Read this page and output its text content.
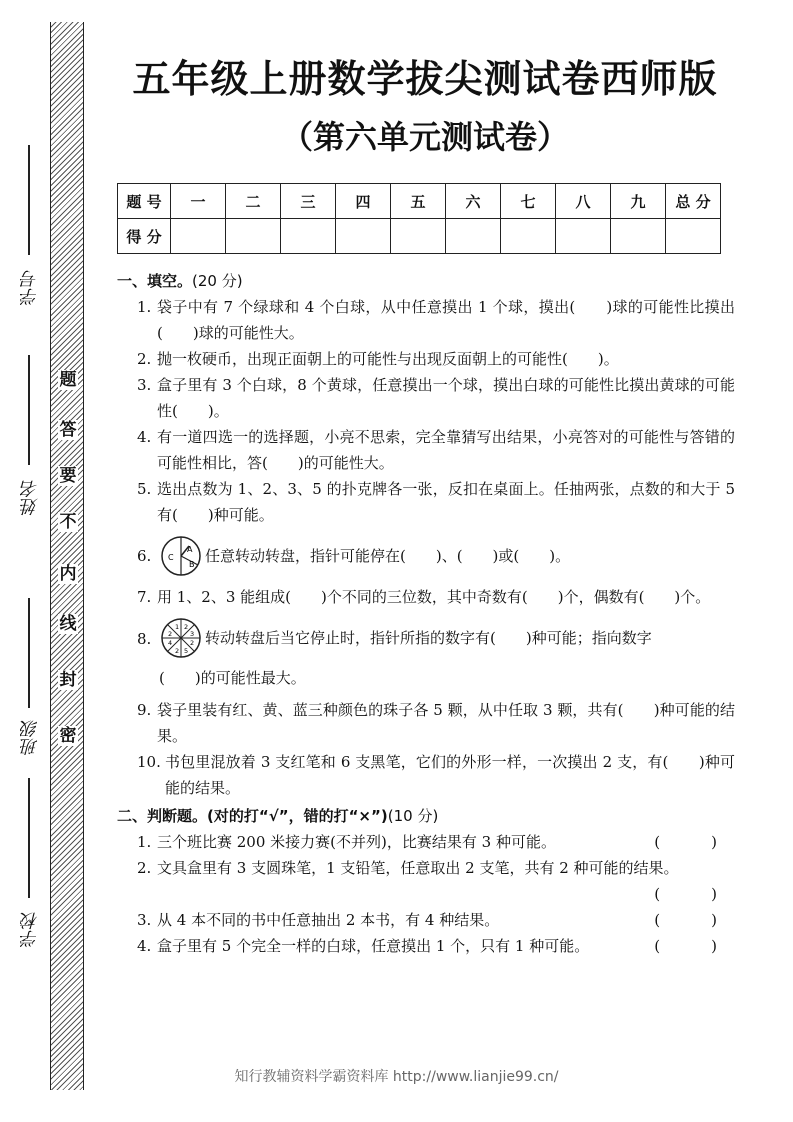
学号
姓名
班级
学校
密
封
线
内
不
要
答
题
五年级上册数学拔尖测试卷西师版
（第六单元测试卷）
题 号	一	二	三	四	五	六	七	八	九	总 分
得 分										

一、填空。(20 分)

1. 袋子中有 7 个绿球和 4 个白球，从中任意摸出 1 个球，摸出(　　)球的可能性比摸出(　　)球的可能性大。

2. 抛一枚硬币，出现正面朝上的可能性与出现反面朝上的可能性(　　)。

3. 盒子里有 3 个白球，8 个黄球，任意摸出一个球，摸出白球的可能性比摸出黄球的可能性(　　)。

4. 有一道四选一的选择题，小亮不思索，完全靠猜写出结果，小亮答对的可能性与答错的可能性相比，答(　　)的可能性大。

5. 选出点数为 1、2、3、5 的扑克牌各一张，反扣在桌面上。任抽两张，点数的和大于 5 有(　　)种可能。

6.	A
B
C 任意转动转盘，指针可能停在(　　)、(　　)或(　　)。

7. 用 1、2、3 能组成(　　)个不同的三位数，其中奇数有(　　)个，偶数有(　　)个。

8.
1 2
3
2
5
2
4
2 转动转盘后当它停止时，指针所指的数字有(　　)种可能；指向数字
(　　)的可能性最大。

9. 袋子里装有红、黄、蓝三种颜色的珠子各 5 颗，从中任取 3 颗，共有(　　)种可能的结果。

10. 书包里混放着 3 支红笔和 6 支黑笔，它们的外形一样，一次摸出 2 支，有(　　)种可能的结果。

二、判断题。(对的打“√”，错的打“×”)(10 分)

1. 三个班比赛 200 米接力赛(不并列)，比赛结果有 3 种可能。	(　)
2. 文具盒里有 3 支圆珠笔，1 支铅笔，任意取出 2 支笔，共有 2 种可能的结果。
(　)
3. 从 4 本不同的书中任意抽出 2 本书，有 4 种结果。	(　)
4. 盒子里有 5 个完全一样的白球，任意摸出 1 个，只有 1 种可能。	(　)
知行教辅资料学霸资料库 http://www.lianjie99.cn/
